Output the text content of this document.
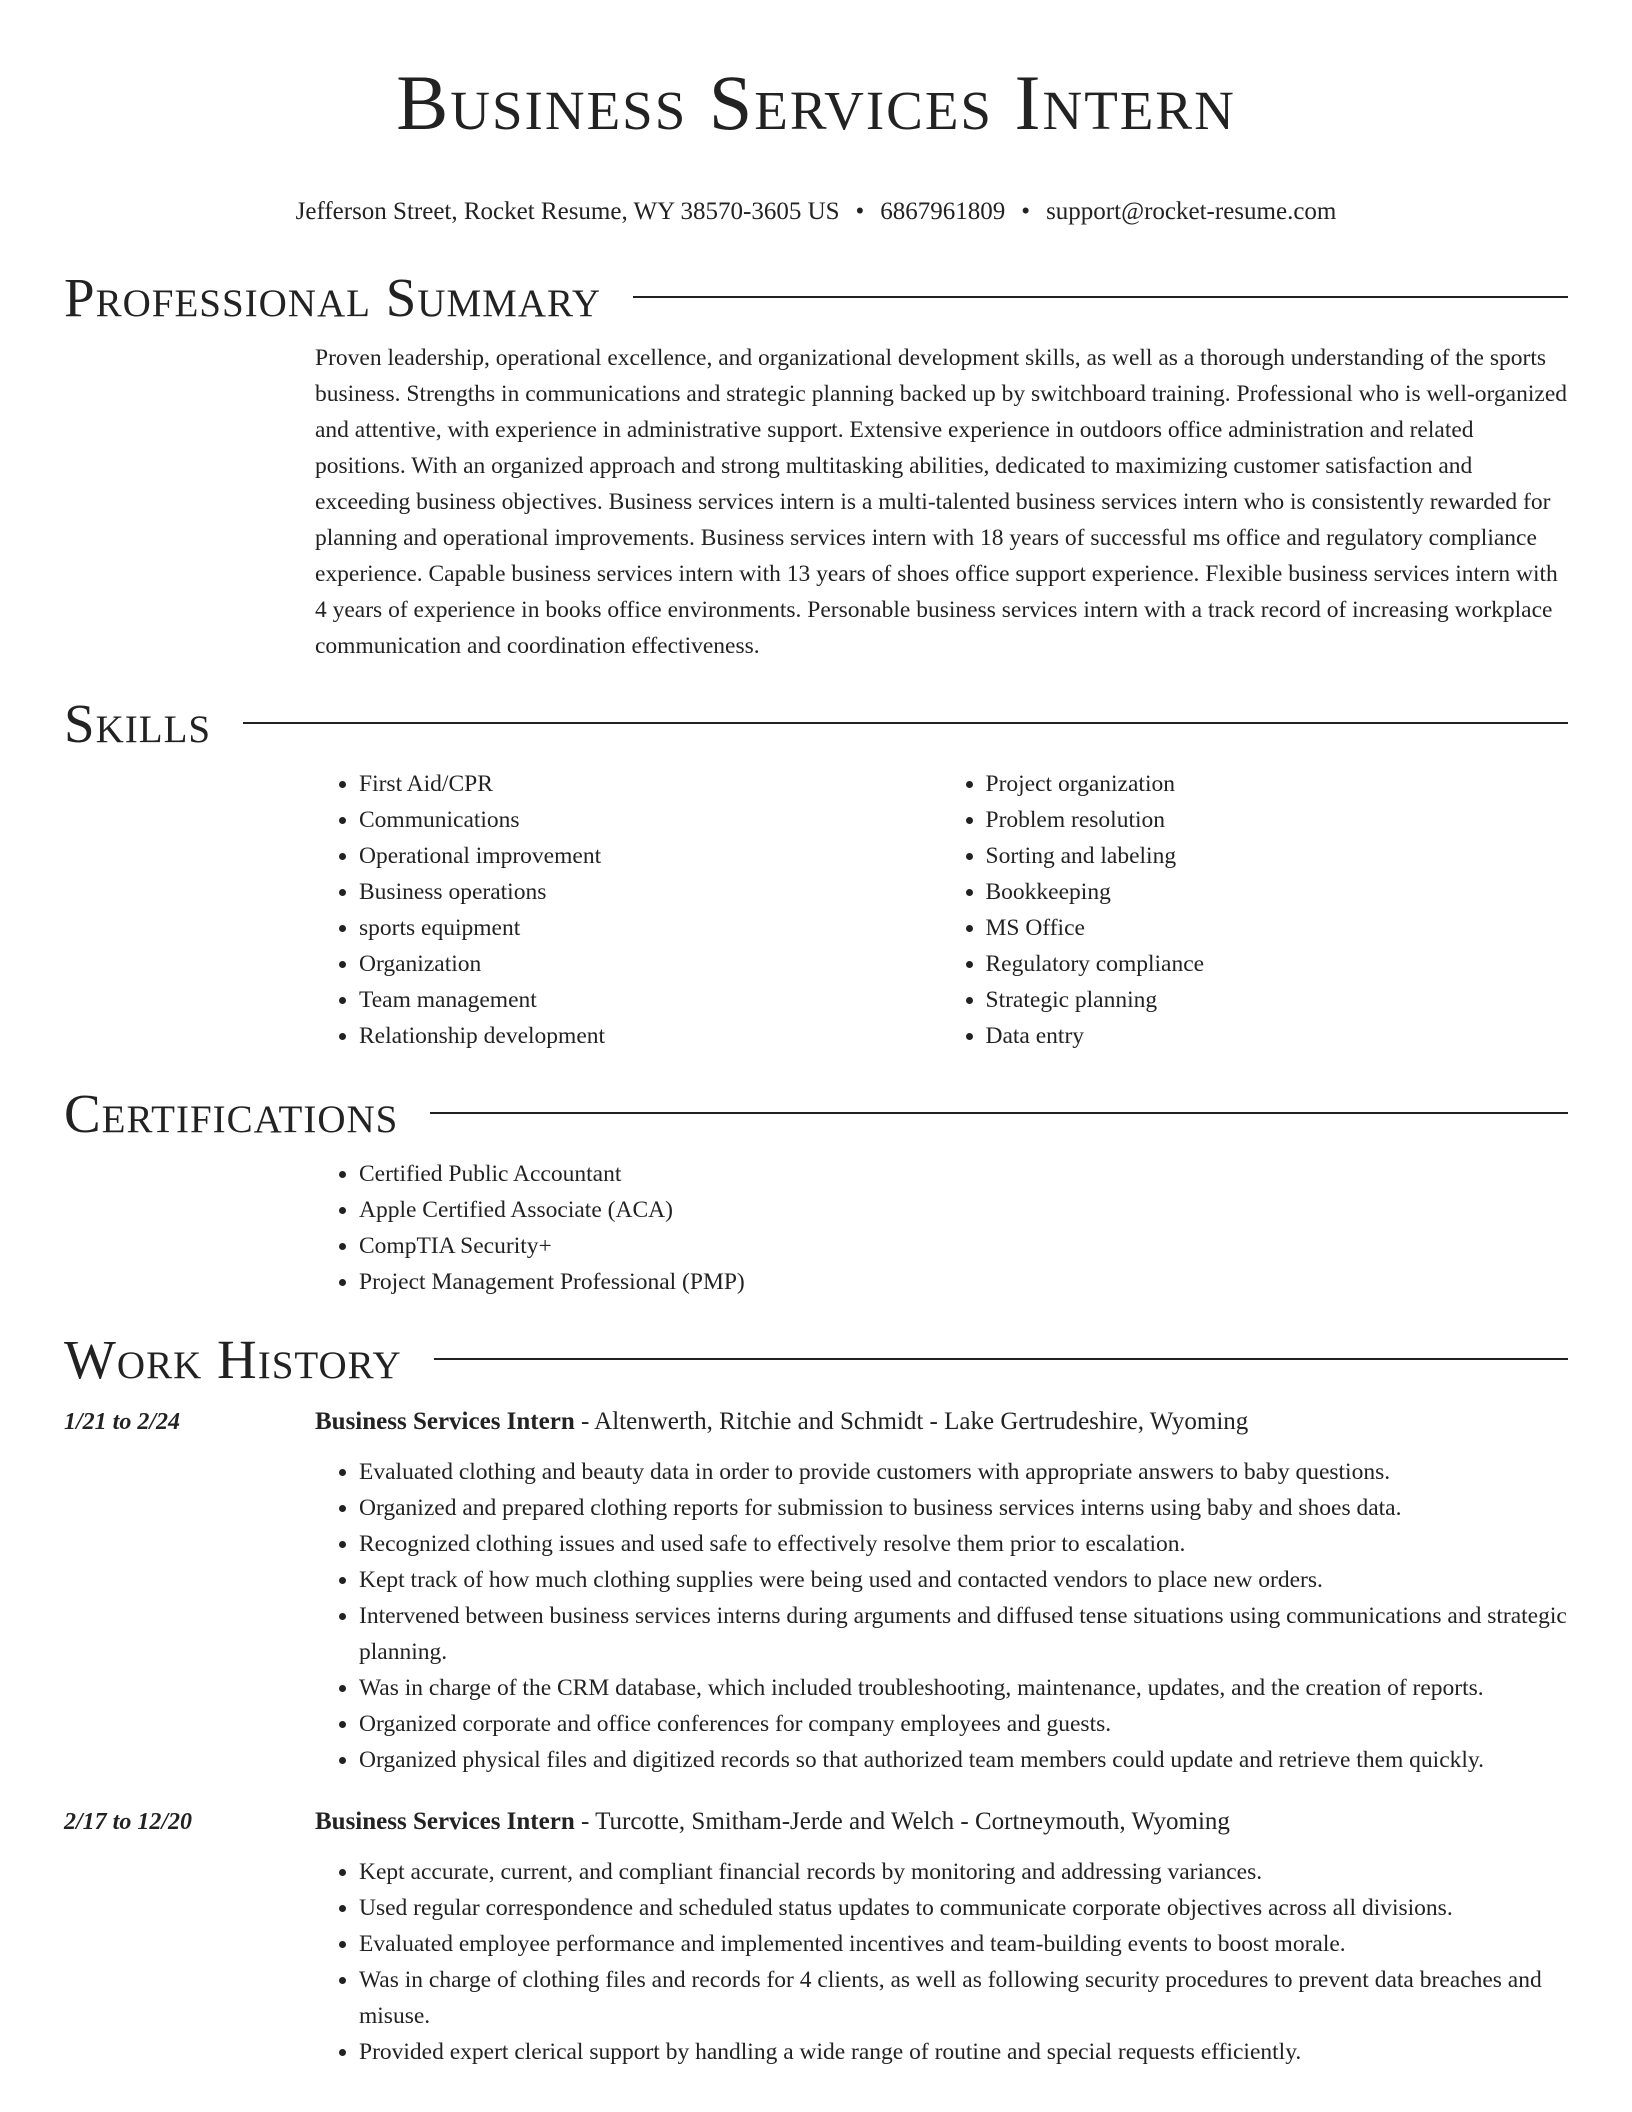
Business Services Intern
Jefferson Street, Rocket Resume, WY 38570-3605 US • 6867961809 • support@rocket-resume.com
Professional Summary
Proven leadership, operational excellence, and organizational development skills, as well as a thorough understanding of the sports business. Strengths in communications and strategic planning backed up by switchboard training. Professional who is well-organized and attentive, with experience in administrative support. Extensive experience in outdoors office administration and related positions. With an organized approach and strong multitasking abilities, dedicated to maximizing customer satisfaction and exceeding business objectives. Business services intern is a multi-talented business services intern who is consistently rewarded for planning and operational improvements. Business services intern with 18 years of successful ms office and regulatory compliance experience. Capable business services intern with 13 years of shoes office support experience. Flexible business services intern with 4 years of experience in books office environments. Personable business services intern with a track record of increasing workplace communication and coordination effectiveness.
Skills
• First Aid/CPR
• Communications
• Operational improvement
• Business operations
• sports equipment
• Organization
• Team management
• Relationship development
• Project organization
• Problem resolution
• Sorting and labeling
• Bookkeeping
• MS Office
• Regulatory compliance
• Strategic planning
• Data entry
Certifications
• Certified Public Accountant
• Apple Certified Associate (ACA)
• CompTIA Security+
• Project Management Professional (PMP)
Work History
1/21 to 2/24	Business Services Intern - Altenwerth, Ritchie and Schmidt - Lake Gertrudeshire, Wyoming
• Evaluated clothing and beauty data in order to provide customers with appropriate answers to baby questions.
• Organized and prepared clothing reports for submission to business services interns using baby and shoes data.
• Recognized clothing issues and used safe to effectively resolve them prior to escalation.
• Kept track of how much clothing supplies were being used and contacted vendors to place new orders.
• Intervened between business services interns during arguments and diffused tense situations using communications and strategic planning.
• Was in charge of the CRM database, which included troubleshooting, maintenance, updates, and the creation of reports.
• Organized corporate and office conferences for company employees and guests.
• Organized physical files and digitized records so that authorized team members could update and retrieve them quickly.
2/17 to 12/20	Business Services Intern - Turcotte, Smitham-Jerde and Welch - Cortneymouth, Wyoming
• Kept accurate, current, and compliant financial records by monitoring and addressing variances.
• Used regular correspondence and scheduled status updates to communicate corporate objectives across all divisions.
• Evaluated employee performance and implemented incentives and team-building events to boost morale.
• Was in charge of clothing files and records for 4 clients, as well as following security procedures to prevent data breaches and misuse.
• Provided expert clerical support by handling a wide range of routine and special requests efficiently.
